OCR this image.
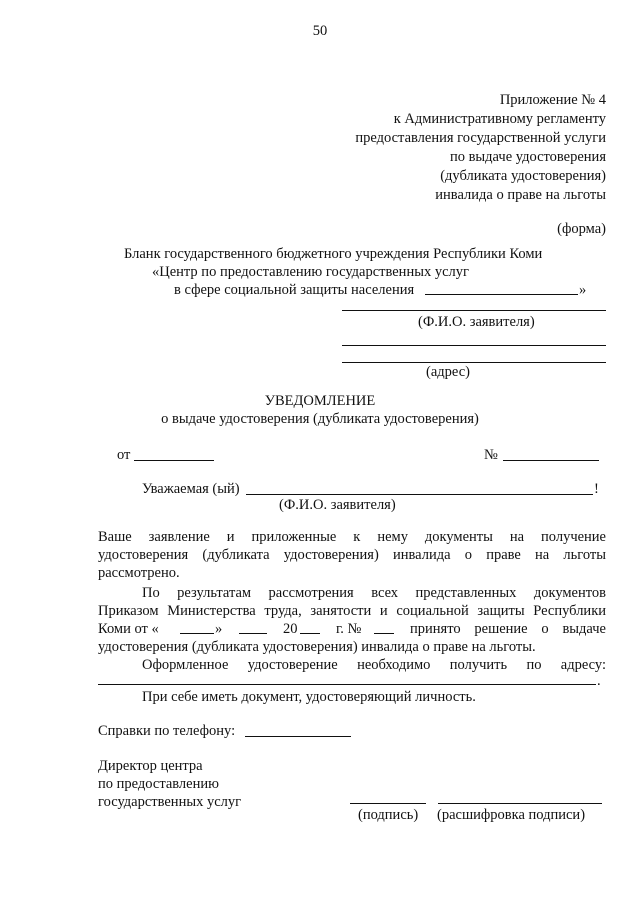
50
Приложение № 4
к Административному регламенту
предоставления государственной услуги
по выдаче удостоверения
(дубликата удостоверения)
инвалида о праве на льготы
(форма)
Бланк государственного бюджетного учреждения Республики Коми
«Центр по предоставлению государственных услуг
в сфере социальной защиты населения	»
(Ф.И.О. заявителя)
(адрес)
УВЕДОМЛЕНИЕ
о выдаче удостоверения (дубликата удостоверения)
от	№
Уважаемая (ый)	!
(Ф.И.О. заявителя)
Ваше заявление и приложенные к нему документы на получение
удостоверения (дубликата удостоверения) инвалида о праве на льготы
рассмотрено.
По результатам рассмотрения всех представленных документов
Приказом Министерства труда, занятости и социальной защиты Республики
Коми от «	»	20	г. №	принято решение о выдаче
удостоверения (дубликата удостоверения) инвалида о праве на льготы.
Оформленное удостоверение необходимо получить по адресу:
.
При себе иметь документ, удостоверяющий личность.
Справки по телефону:
Директор центра
по предоставлению
государственных услуг
(подпись) (расшифровка подписи)
